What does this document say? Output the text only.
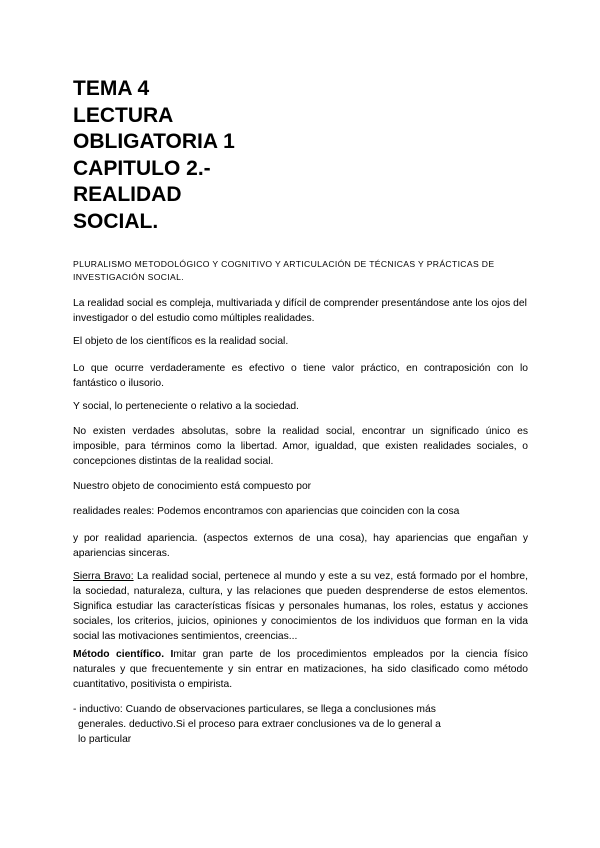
TEMA 4
LECTURA
OBLIGATORIA 1
CAPITULO 2.-
REALIDAD
SOCIAL.
PLURALISMO METODOLÓGICO Y COGNITIVO Y ARTICULACIÓN DE TÉCNICAS Y PRÁCTICAS DE INVESTIGACIÓN SOCIAL.

La realidad social es compleja, multivariada y difícil de comprender presentándose ante los ojos del investigador o del estudio como múltiples realidades.

El objeto de los científicos es la realidad social.

Lo que ocurre verdaderamente es efectivo o tiene valor práctico, en contraposición con lo fantástico o ilusorio.

Y social, lo perteneciente o relativo a la sociedad.

No existen verdades absolutas, sobre la realidad social, encontrar un significado único es imposible, para términos como la libertad. Amor, igualdad, que existen realidades sociales, o concepciones distintas de la realidad social.

Nuestro objeto de conocimiento está compuesto por

realidades reales: Podemos encontramos con apariencias que coinciden con la cosa

y por realidad apariencia. (aspectos externos de una cosa), hay apariencias que engañan y apariencias sinceras.

Sierra Bravo: La realidad social, pertenece al mundo y este a su vez, está formado por el hombre, la sociedad, naturaleza, cultura, y las relaciones que pueden desprenderse de estos elementos. Significa estudiar las características físicas y personales humanas, los roles, estatus y acciones sociales, los criterios, juicios, opiniones y conocimientos de los individuos que forman en la vida social las motivaciones sentimientos, creencias...

Método científico. Imitar gran parte de los procedimientos empleados por la ciencia físico naturales y que frecuentemente y sin entrar en matizaciones, ha sido clasificado como método cuantitativo, positivista o empirista.

- inductivo: Cuando de observaciones particulares, se llega a conclusiones más
generales. deductivo.Si el proceso para extraer conclusiones va de lo general a
lo particular
